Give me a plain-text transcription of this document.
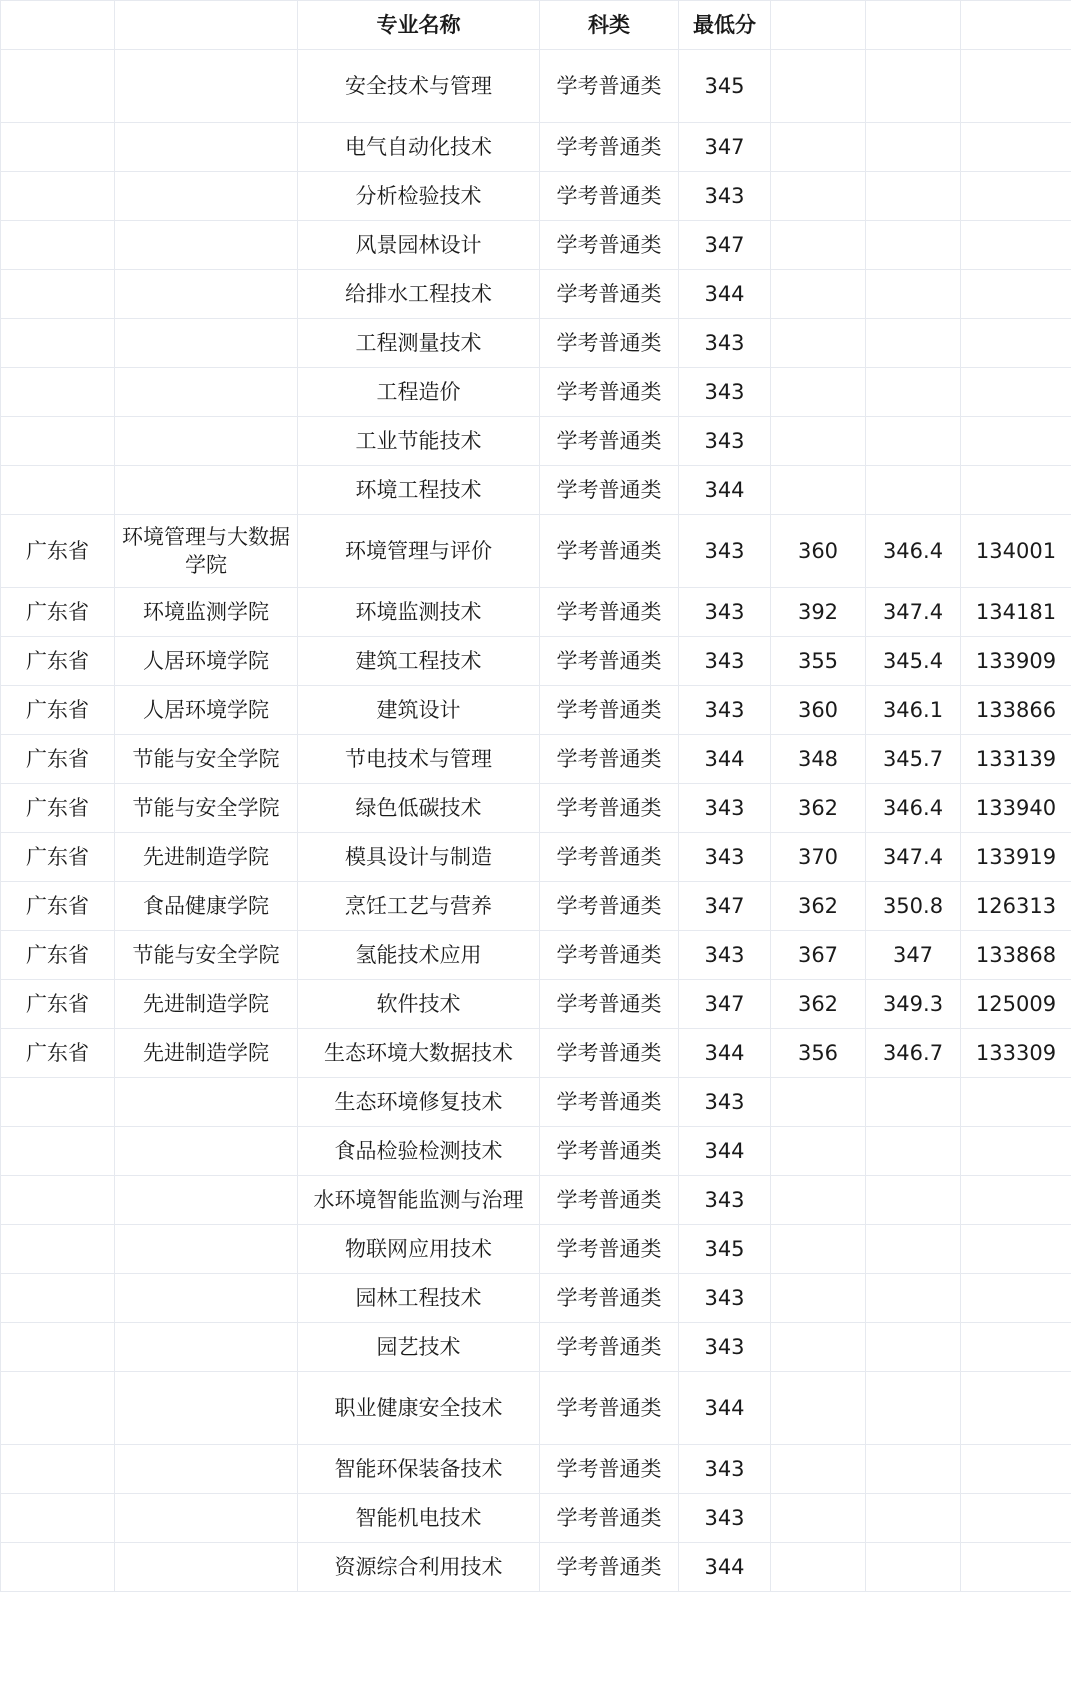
		专业名称	科类	最低分			
		安全技术与管理	学考普通类	345			
		电气自动化技术	学考普通类	347			
		分析检验技术	学考普通类	343			
		风景园林设计	学考普通类	347			
		给排水工程技术	学考普通类	344			
		工程测量技术	学考普通类	343			
		工程造价	学考普通类	343			
		工业节能技术	学考普通类	343			
		环境工程技术	学考普通类	344			
广东省	环境管理与大数据学院	环境管理与评价	学考普通类	343	360	346.4	134001
广东省	环境监测学院	环境监测技术	学考普通类	343	392	347.4	134181
广东省	人居环境学院	建筑工程技术	学考普通类	343	355	345.4	133909
广东省	人居环境学院	建筑设计	学考普通类	343	360	346.1	133866
广东省	节能与安全学院	节电技术与管理	学考普通类	344	348	345.7	133139
广东省	节能与安全学院	绿色低碳技术	学考普通类	343	362	346.4	133940
广东省	先进制造学院	模具设计与制造	学考普通类	343	370	347.4	133919
广东省	食品健康学院	烹饪工艺与营养	学考普通类	347	362	350.8	126313
广东省	节能与安全学院	氢能技术应用	学考普通类	343	367	347	133868
广东省	先进制造学院	软件技术	学考普通类	347	362	349.3	125009
广东省	先进制造学院	生态环境大数据技术	学考普通类	344	356	346.7	133309
		生态环境修复技术	学考普通类	343			
		食品检验检测技术	学考普通类	344			
		水环境智能监测与治理	学考普通类	343			
		物联网应用技术	学考普通类	345			
		园林工程技术	学考普通类	343			
		园艺技术	学考普通类	343			
		职业健康安全技术	学考普通类	344			
		智能环保装备技术	学考普通类	343			
		智能机电技术	学考普通类	343			
		资源综合利用技术	学考普通类	344			
